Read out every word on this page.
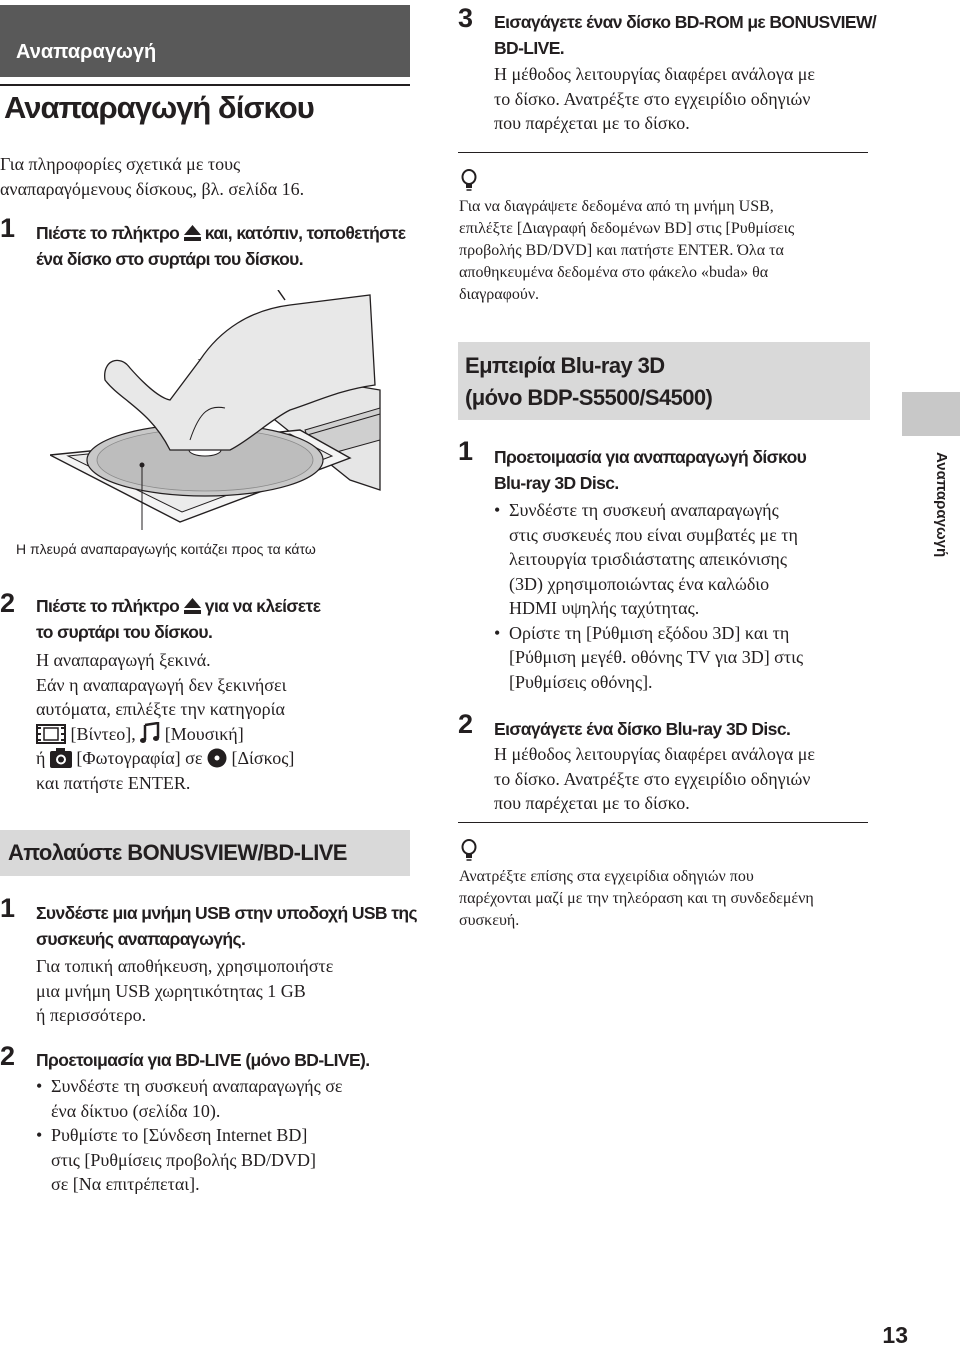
Αναπαραγωγή
Αναπαραγωγή δίσκου
Για πληροφορίες σχετικά με τους
αναπαραγόμενους δίσκους, βλ. σελίδα 16.
1 Πιέστε το πλήκτρο  και, κατόπιν, τοποθετήστε
ένα δίσκο στο συρτάρι του δίσκου.
Η πλευρά αναπαραγωγής κοιτάζει προς τα κάτω
2 Πιέστε το πλήκτρο  για να κλείσετε
το συρτάρι του δίσκου.
Η αναπαραγωγή ξεκινά.
Εάν η αναπαραγωγή δεν ξεκινήσει
αυτόματα, επιλέξτε την κατηγορία
[Βίντεο],  [Μουσική]
ή  [Φωτογραφία] σε  [Δίσκος]
και πατήστε ENTER.
Απολαύστε BONUSVIEW/BD-LIVE
1 Συνδέστε μια μνήμη USB στην υποδοχή USB της
συσκευής αναπαραγωγής.
Για τοπική αποθήκευση, χρησιμοποιήστε
μια μνήμη USB χωρητικότητας 1 GB
ή περισσότερο.
2 Προετοιμασία για BD-LIVE (μόνο BD-LIVE).
• Συνδέστε τη συσκευή αναπαραγωγής σε
ένα δίκτυο (σελίδα 10).
• Ρυθμίστε το [Σύνδεση Internet BD]
στις [Ρυθμίσεις προβολής BD/DVD]
σε [Να επιτρέπεται].
3 Εισαγάγετε έναν δίσκο BD-ROM με BONUSVIEW/
BD-LIVE.
Η μέθοδος λειτουργίας διαφέρει ανάλογα με
το δίσκο. Ανατρέξτε στο εγχειρίδιο οδηγιών
που παρέχεται με το δίσκο.
Για να διαγράψετε δεδομένα από τη μνήμη USB,
επιλέξτε [Διαγραφή δεδομένων BD] στις [Ρυθμίσεις
προβολής BD/DVD] και πατήστε ENTER. Όλα τα
αποθηκευμένα δεδομένα στο φάκελο «buda» θα
διαγραφούν.
Εμπειρία Blu-ray 3D
(μόνο BDP-S5500/S4500)
1 Προετοιμασία για αναπαραγωγή δίσκου
Blu-ray 3D Disc.
• Συνδέστε τη συσκευή αναπαραγωγής
στις συσκευές που είναι συμβατές με τη
λειτουργία τρισδιάστατης απεικόνισης
(3D) χρησιμοποιώντας ένα καλώδιο
HDMI υψηλής ταχύτητας.
• Ορίστε τη [Ρύθμιση εξόδου 3D] και τη
[Ρύθμιση μεγέθ. οθόνης TV για 3D] στις
[Ρυθμίσεις οθόνης].
2 Εισαγάγετε ένα δίσκο Blu-ray 3D Disc.
Η μέθοδος λειτουργίας διαφέρει ανάλογα με
το δίσκο. Ανατρέξτε στο εγχειρίδιο οδηγιών
που παρέχεται με το δίσκο.
Ανατρέξτε επίσης στα εγχειρίδια οδηγιών που
παρέχονται μαζί με την τηλεόραση και τη συνδεδεμένη
συσκευή.
Αναπαραγωγή
13
